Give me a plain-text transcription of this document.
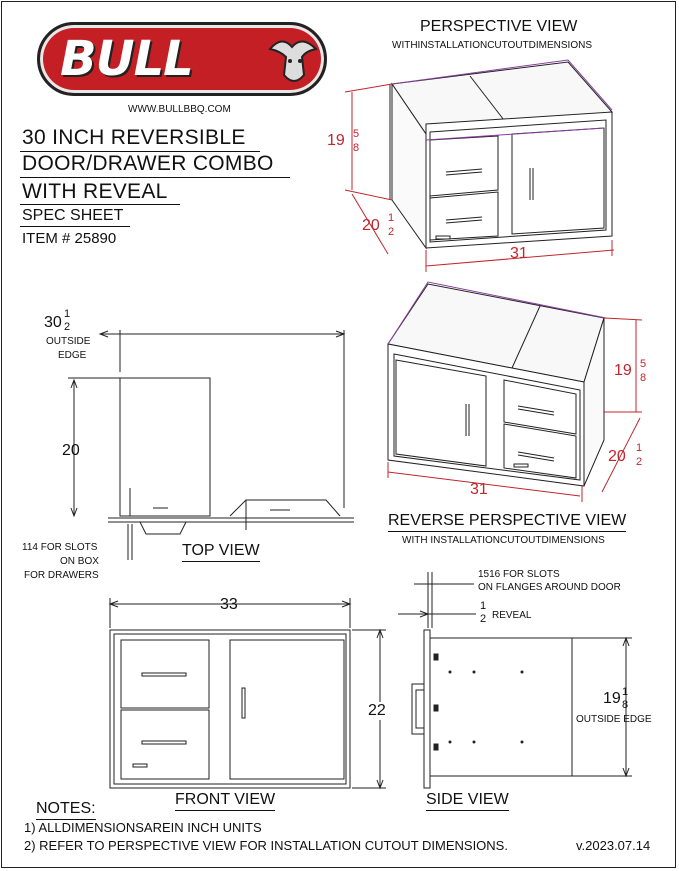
BULL
WWW.BULLBBQ.COM
30 INCH REVERSIBLE
DOOR/DRAWER COMBO
WITH REVEAL
SPEC SHEET
ITEM # 25890
PERSPECTIVE VIEW
WITHINSTALLATIONCUTOUTDIMENSIONS
19 5
8
20 1
2
31
19 5
8
20 1
2
31
REVERSE PERSPECTIVE VIEW
WITH INSTALLATIONCUTOUTDIMENSIONS
30 1
2
OUTSIDE
EDGE
20
114 FOR SLOTS
ON BOX
FOR DRAWERS
TOP VIEW
33
22
FRONT VIEW
1516 FOR SLOTS
ON FLANGES AROUND DOOR
1
2 REVEAL
19 1
8
OUTSIDE EDGE
SIDE VIEW
NOTES:
1) ALLDIMENSIONSAREIN INCH UNITS
2) REFER TO PERSPECTIVE VIEW FOR INSTALLATION CUTOUT DIMENSIONS.	v.2023.07.14
